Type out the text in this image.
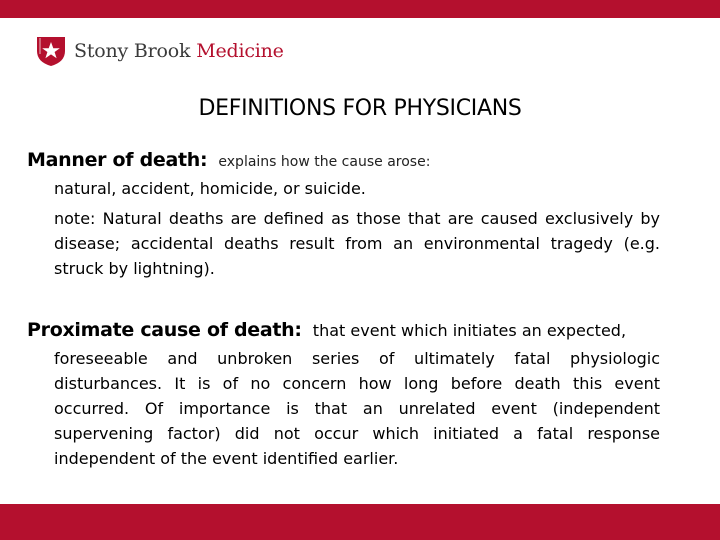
Stony Brook Medicine
DEFINITIONS FOR PHYSICIANS
Manner of death: explains how the cause arose:
natural, accident, homicide, or suicide.
note: Natural deaths are defined as those that are caused exclusively by disease; accidental deaths result from an environmental tragedy (e.g. struck by lightning).
Proximate cause of death: that event which initiates an expected,
foreseeable and unbroken series of ultimately fatal physiologic disturbances. It is of no concern how long before death this event occurred. Of importance is that an unrelated event (independent supervening factor) did not occur which initiated a fatal response independent of the event identified earlier.
